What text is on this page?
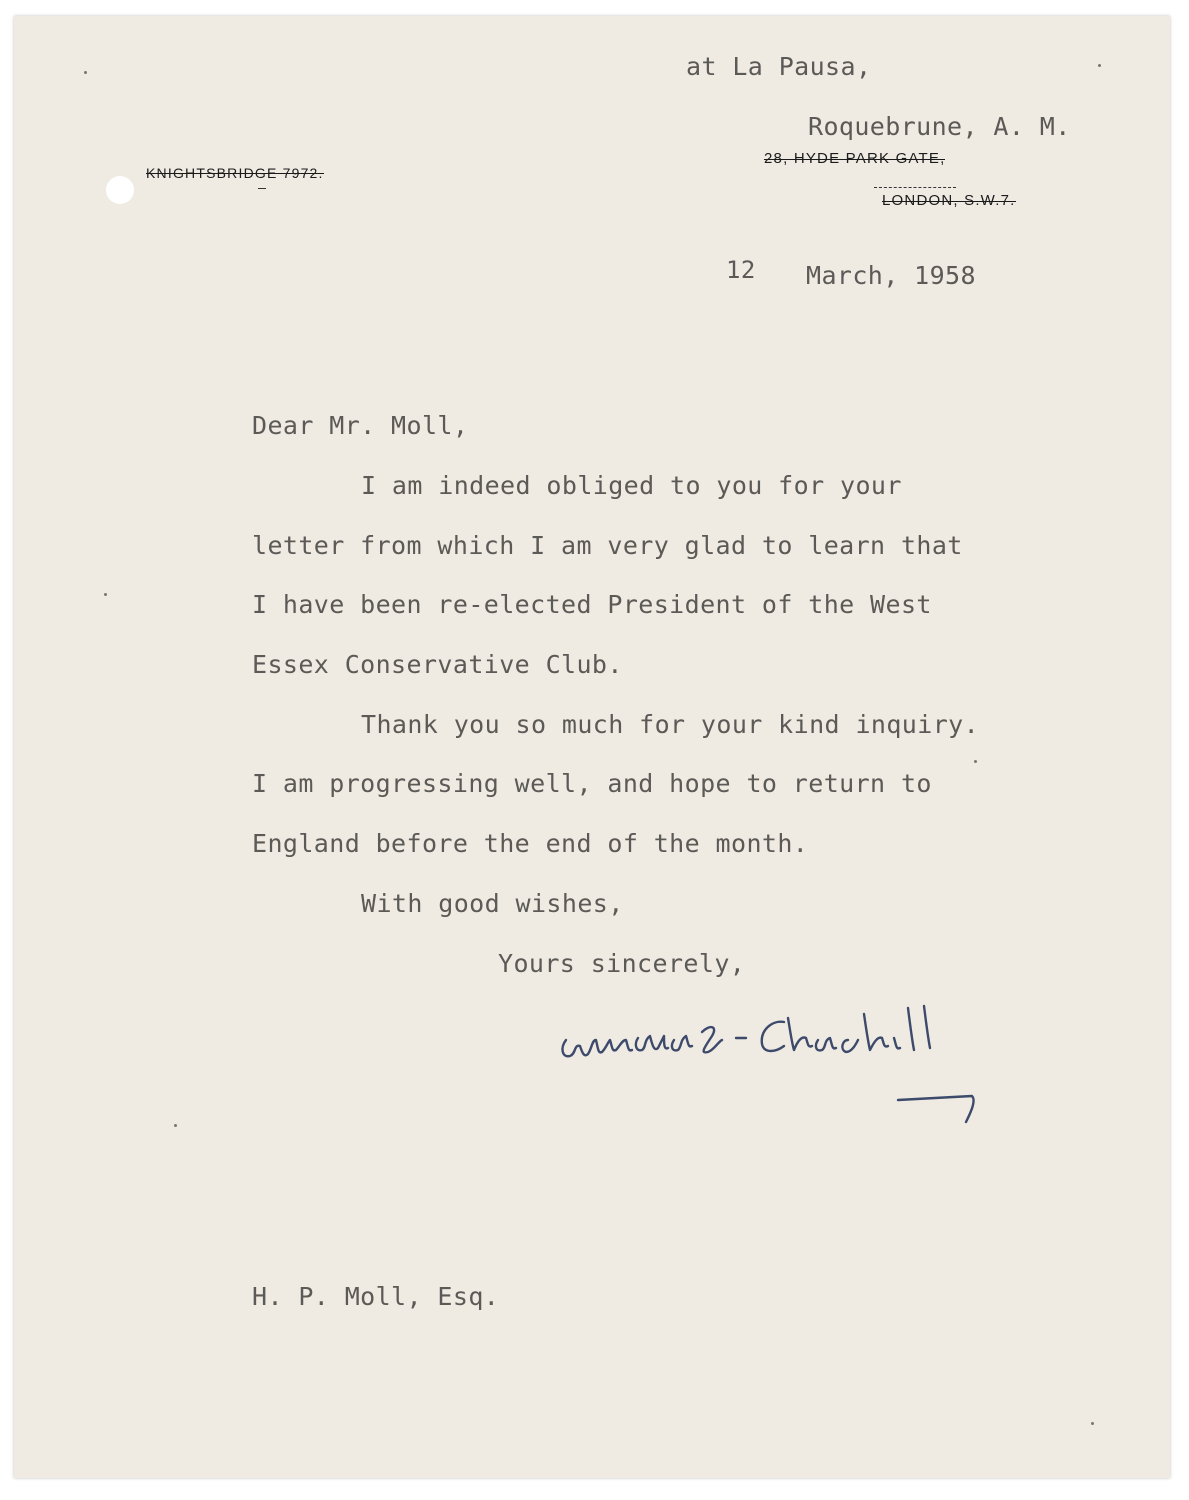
KNIGHTSBRIDGE 7972.
28, HYDE PARK GATE,
LONDON, S.W.7.
at La Pausa,
Roquebrune, A. M.
12 March, 1958
Dear Mr. Moll,
I am indeed obliged to you for your
letter from which I am very glad to learn that
I have been re-elected President of the West
Essex Conservative Club.
Thank you so much for your kind inquiry.
I am progressing well, and hope to return to
England before the end of the month.
With good wishes,
Yours sincerely,
H. P. Moll, Esq.
